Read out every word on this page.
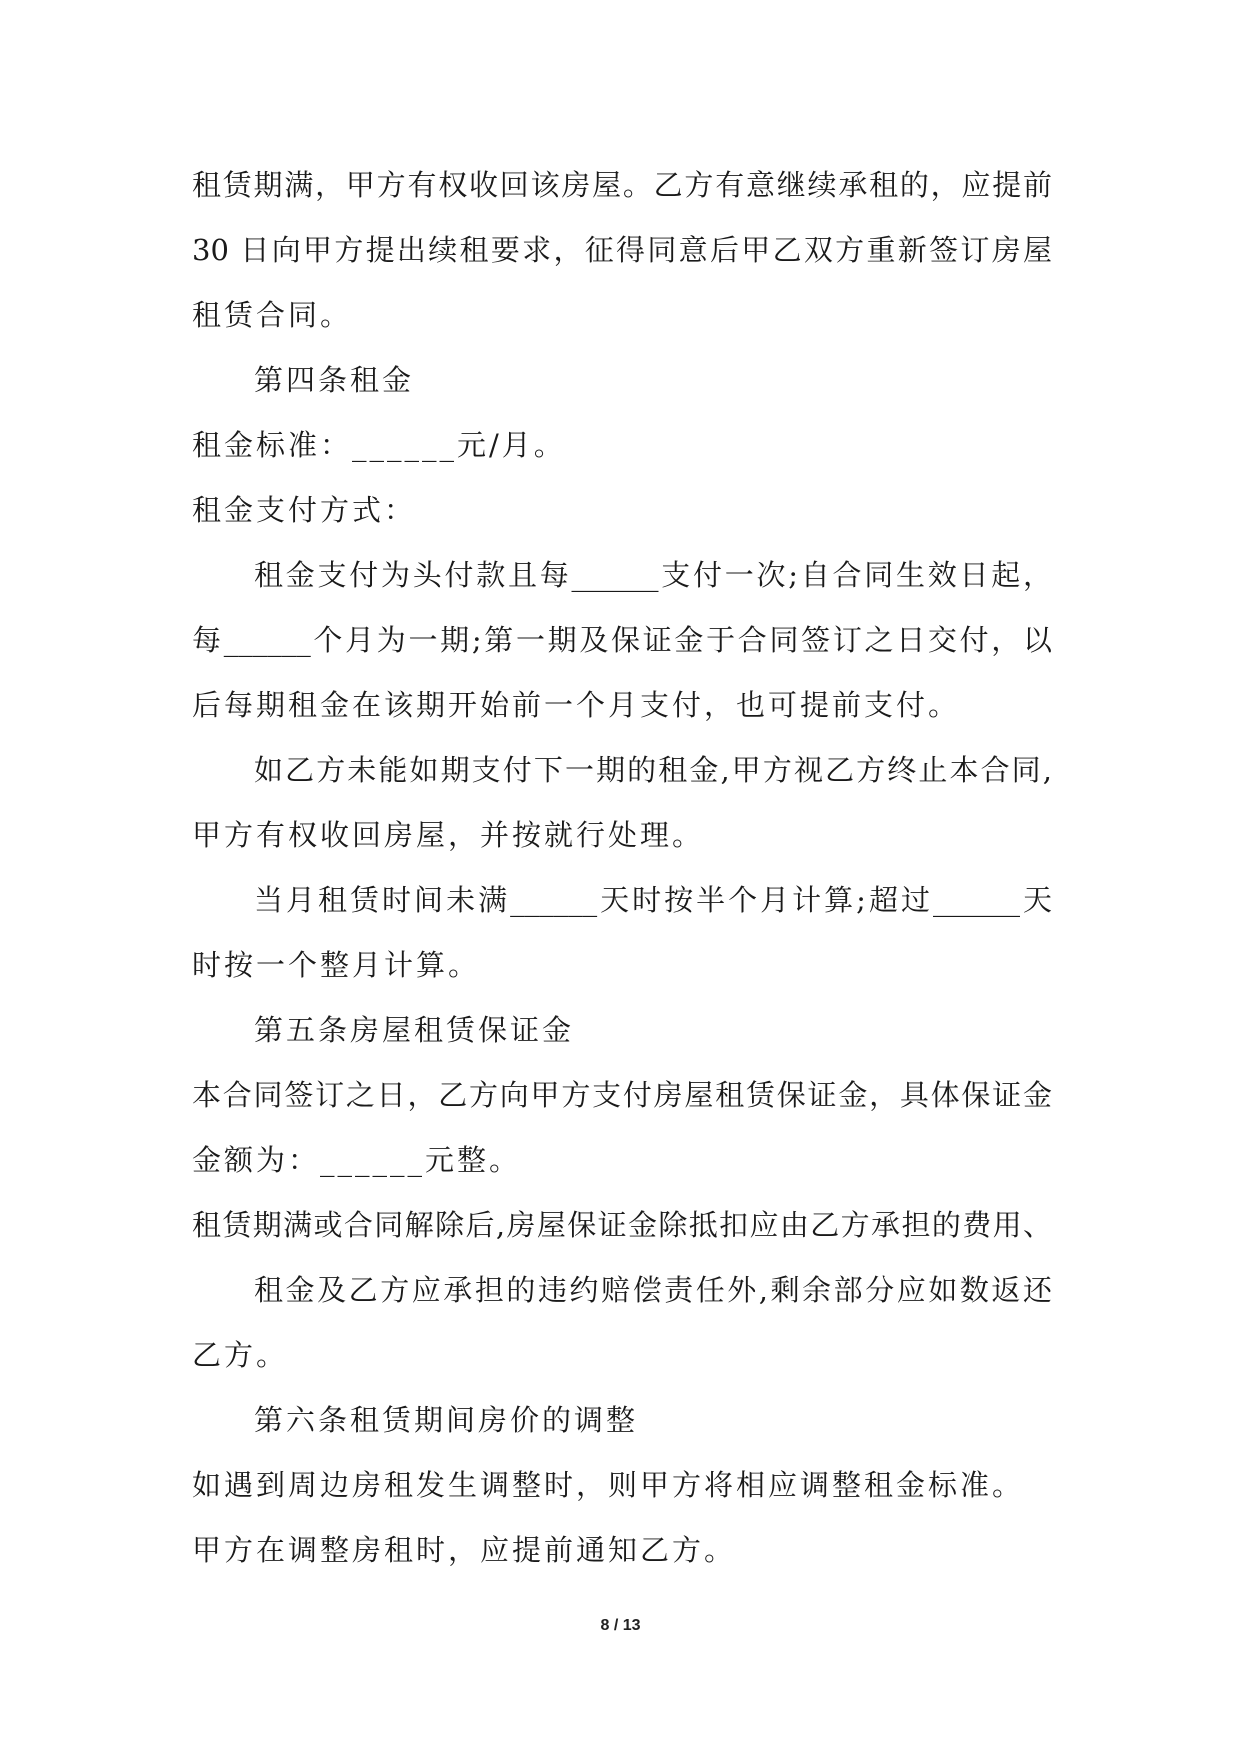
租赁期满，甲方有权收回该房屋。乙方有意继续承租的，应提前
30 日向甲方提出续租要求，征得同意后甲乙双方重新签订房屋
租赁合同。
第四条租金
租金标准：______元/月。
租金支付方式：
租金支付为头付款且每______支付一次;自合同生效日起，
每______个月为一期;第一期及保证金于合同签订之日交付，以
后每期租金在该期开始前一个月支付，也可提前支付。
如乙方未能如期支付下一期的租金,甲方视乙方终止本合同,
甲方有权收回房屋，并按就行处理。
当月租赁时间未满______天时按半个月计算;超过______天
时按一个整月计算。
第五条房屋租赁保证金
本合同签订之日，乙方向甲方支付房屋租赁保证金，具体保证金
金额为：______元整。
租赁期满或合同解除后,房屋保证金除抵扣应由乙方承担的费用、
租金及乙方应承担的违约赔偿责任外,剩余部分应如数返还
乙方。
第六条租赁期间房价的调整
如遇到周边房租发生调整时，则甲方将相应调整租金标准。
甲方在调整房租时，应提前通知乙方。
8 / 13
